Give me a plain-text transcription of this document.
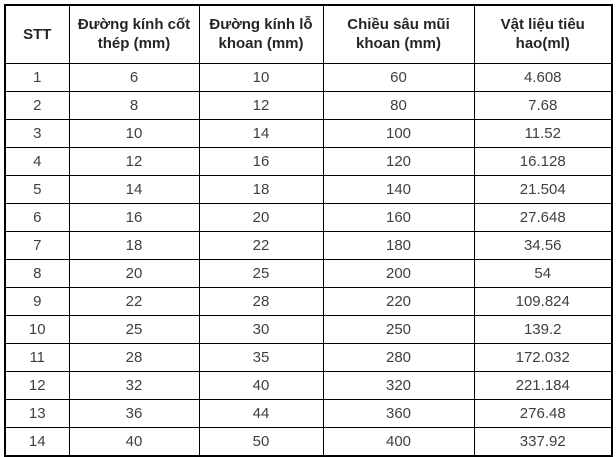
STT	Đường kính cốt thép (mm)	Đường kính lỗ khoan (mm)	Chiều sâu mũi khoan (mm)	Vật liệu tiêu hao(ml)
1	6	10	60	4.608
2	8	12	80	7.68
3	10	14	100	11.52
4	12	16	120	16.128
5	14	18	140	21.504
6	16	20	160	27.648
7	18	22	180	34.56
8	20	25	200	54
9	22	28	220	109.824
10	25	30	250	139.2
11	28	35	280	172.032
12	32	40	320	221.184
13	36	44	360	276.48
14	40	50	400	337.92
